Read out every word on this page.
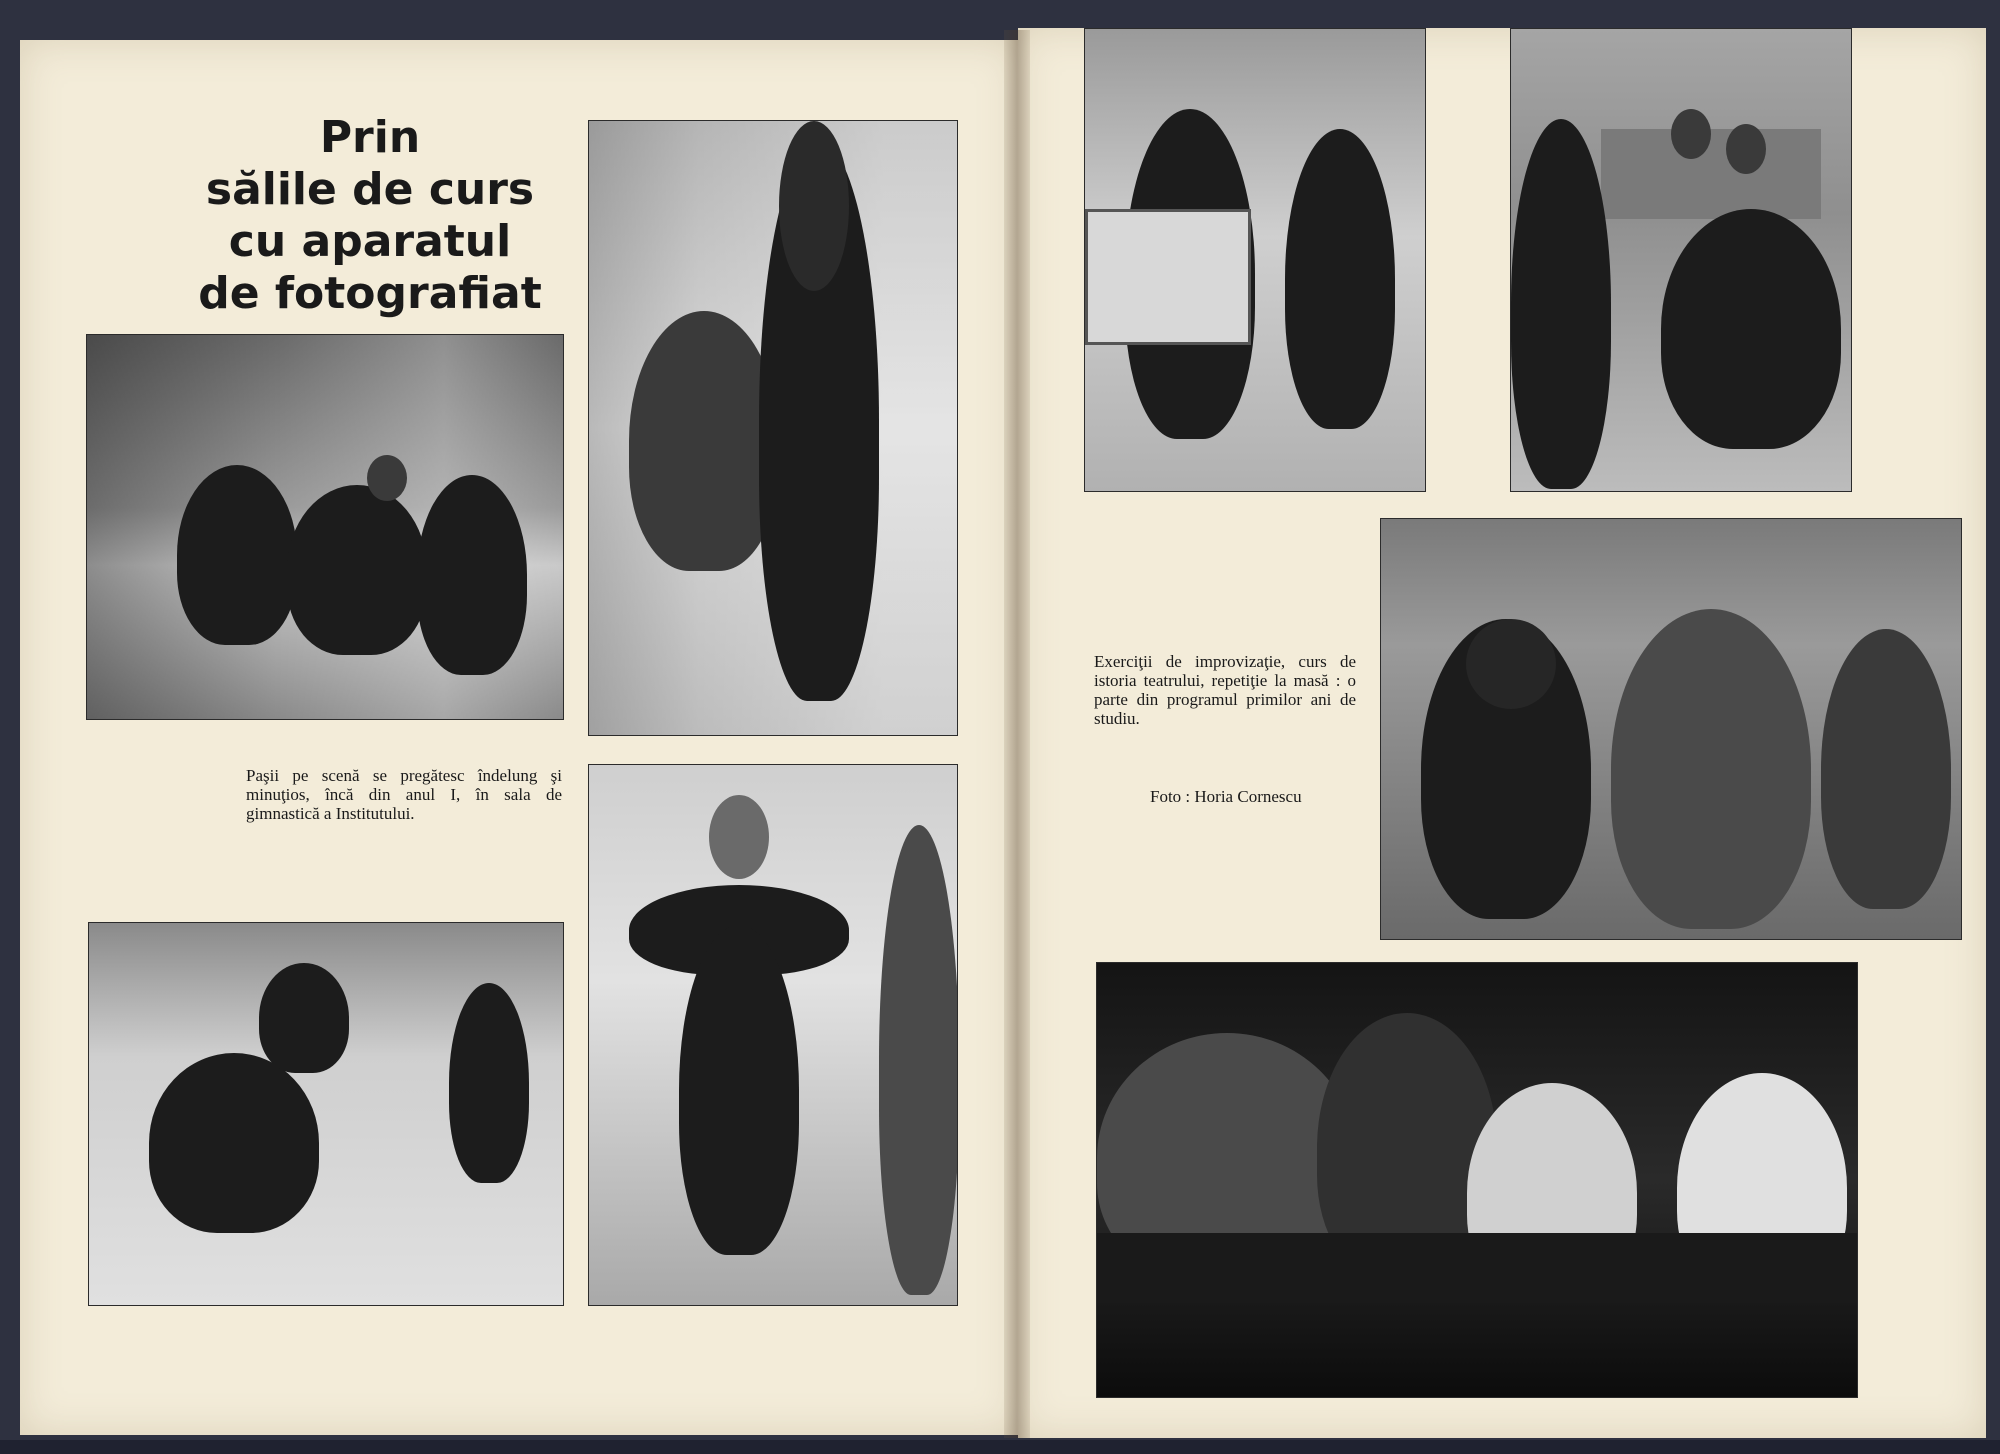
Prin
sălile de curs
cu aparatul
de fotografiat
Paşii pe scenă se pregătesc îndelung şi minuţios, încă din anul I, în sala de gimnastică a Institutului.
Exerciţii de improvizaţie, curs de istoria teatrului, repetiţie la masă : o parte din programul primilor ani de studiu.
Foto : Horia Cornescu
